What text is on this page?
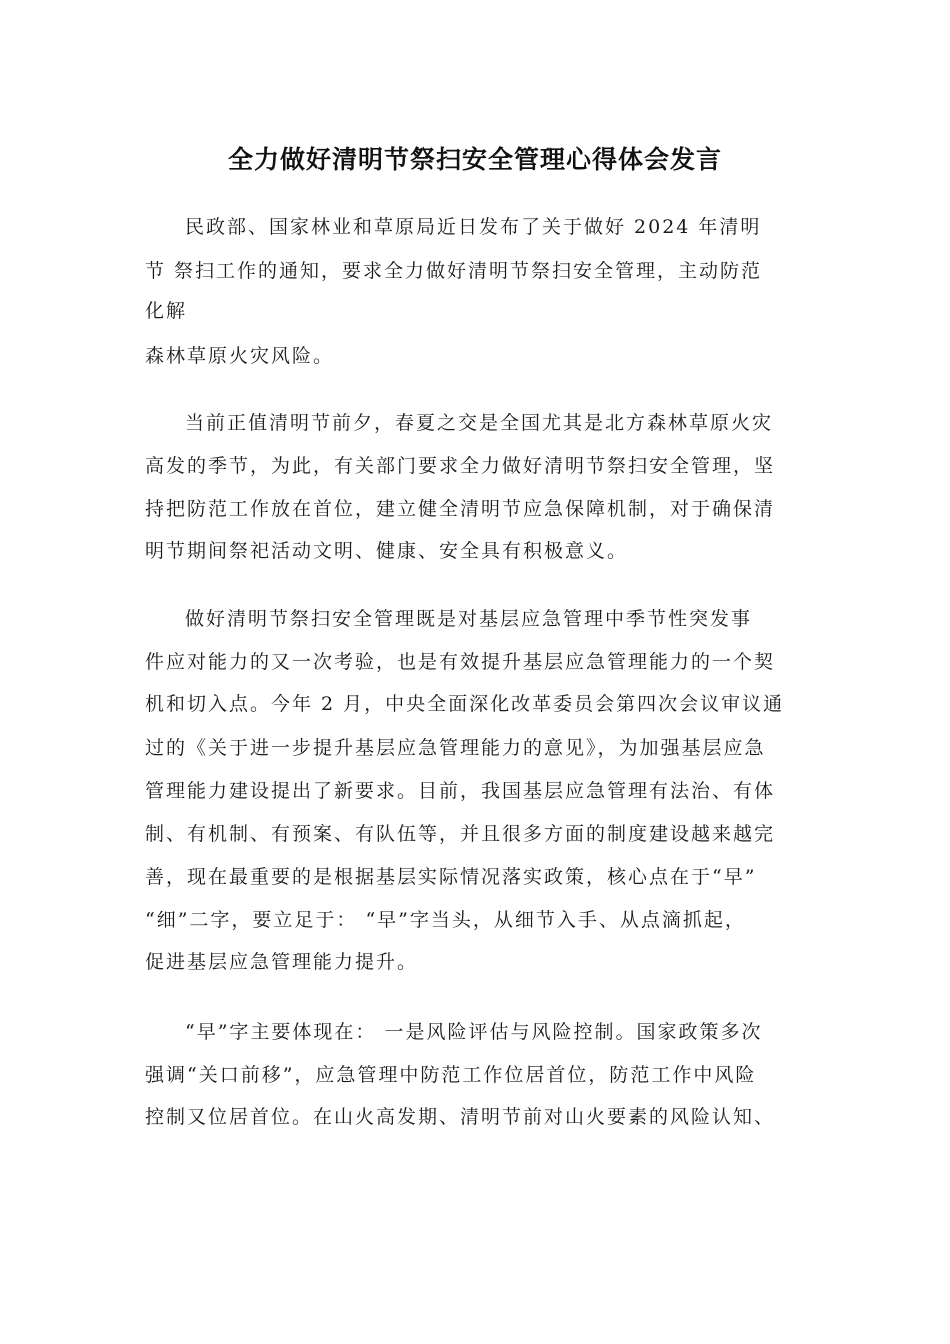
全力做好清明节祭扫安全管理心得体会发言
民政部、国家林业和草原局近日发布了关于做好 2024 年清明
节 祭扫工作的通知，要求全力做好清明节祭扫安全管理，主动防范
化解
森林草原火灾风险。
当前正值清明节前夕，春夏之交是全国尤其是北方森林草原火灾
高发的季节，为此，有关部门要求全力做好清明节祭扫安全管理，坚
持把防范工作放在首位，建立健全清明节应急保障机制，对于确保清
明节期间祭祀活动文明、健康、安全具有积极意义。
做好清明节祭扫安全管理既是对基层应急管理中季节性突发事
件应对能力的又一次考验，也是有效提升基层应急管理能力的一个契
机和切入点。今年 2 月，中央全面深化改革委员会第四次会议审议通
过的《关于进一步提升基层应急管理能力的意见》，为加强基层应急
管理能力建设提出了新要求。目前，我国基层应急管理有法治、有体
制、有机制、有预案、有队伍等，并且很多方面的制度建设越来越完
善，现在最重要的是根据基层实际情况落实政策，核心点在于“早”
“细”二字，要立足于： “早”字当头，从细节入手、从点滴抓起，
促进基层应急管理能力提升。
“早”字主要体现在： 一是风险评估与风险控制。国家政策多次
强调“关口前移”，应急管理中防范工作位居首位，防范工作中风险
控制又位居首位。在山火高发期、清明节前对山火要素的风险认知、
